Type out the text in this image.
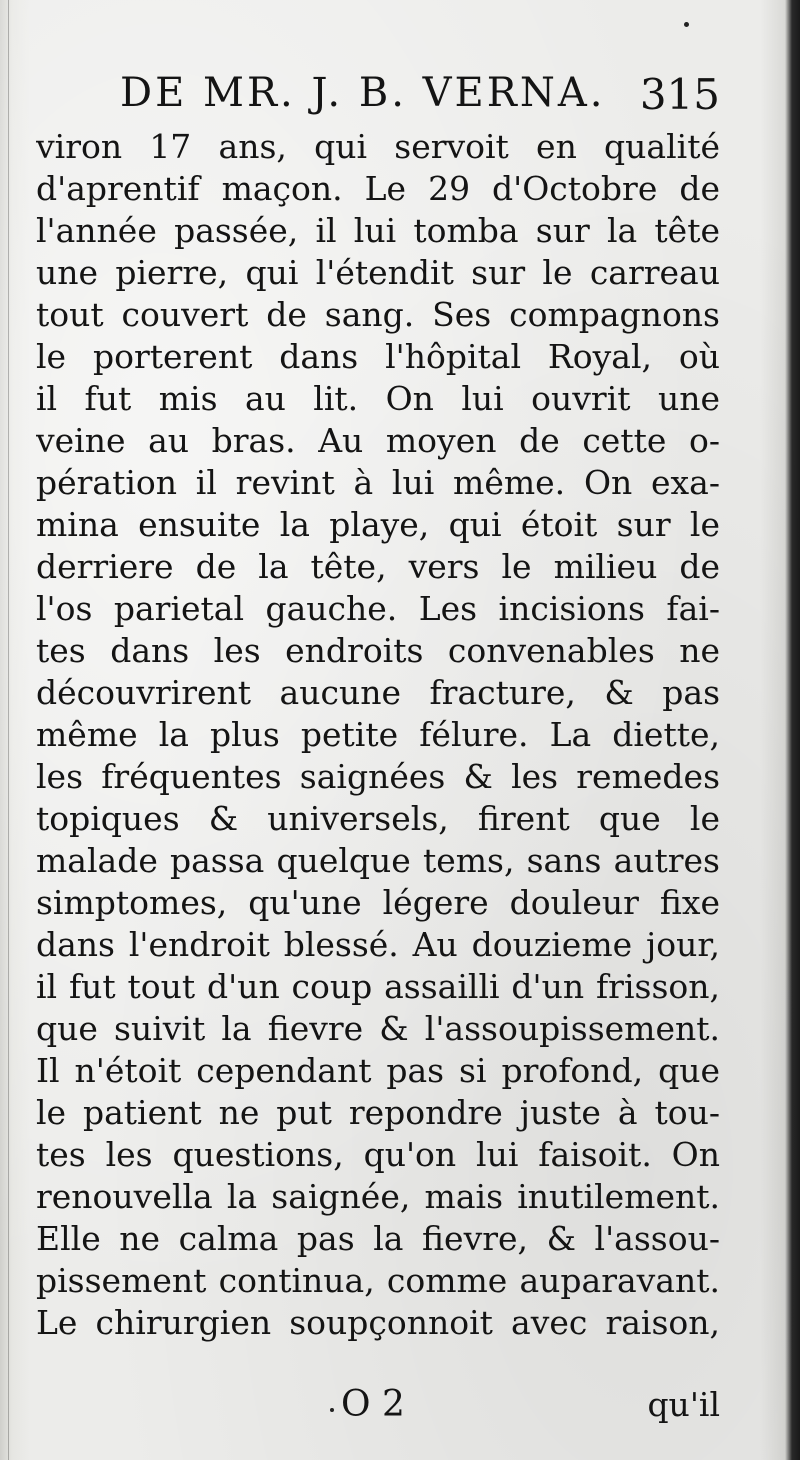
DE MR. J. B. VERNA. 315
viron 17 ans, qui servoit en qualité
d'aprentif maçon. Le 29 d'Octobre de
l'année passée, il lui tomba sur la tête
une pierre, qui l'étendit sur le carreau
tout couvert de sang. Ses compagnons
le porterent dans l'hôpital Royal, où
il fut mis au lit. On lui ouvrit une
veine au bras. Au moyen de cette o-
pération il revint à lui même. On exa-
mina ensuite la playe, qui étoit sur le
derriere de la tête, vers le milieu de
l'os parietal gauche. Les incisions fai-
tes dans les endroits convenables ne
découvrirent aucune fracture, & pas
même la plus petite félure. La diette,
les fréquentes saignées & les remedes
topiques & universels, firent que le
malade passa quelque tems, sans autres
simptomes, qu'une légere douleur fixe
dans l'endroit blessé. Au douzieme jour,
il fut tout d'un coup assailli d'un frisson,
que suivit la fievre & l'assoupissement.
Il n'étoit cependant pas si profond, que
le patient ne put repondre juste à tou-
tes les questions, qu'on lui faisoit. On
renouvella la saignée, mais inutilement.
Elle ne calma pas la fievre, & l'assou-
pissement continua, comme auparavant.
Le chirurgien soupçonnoit avec raison,
O 2	qu'il
